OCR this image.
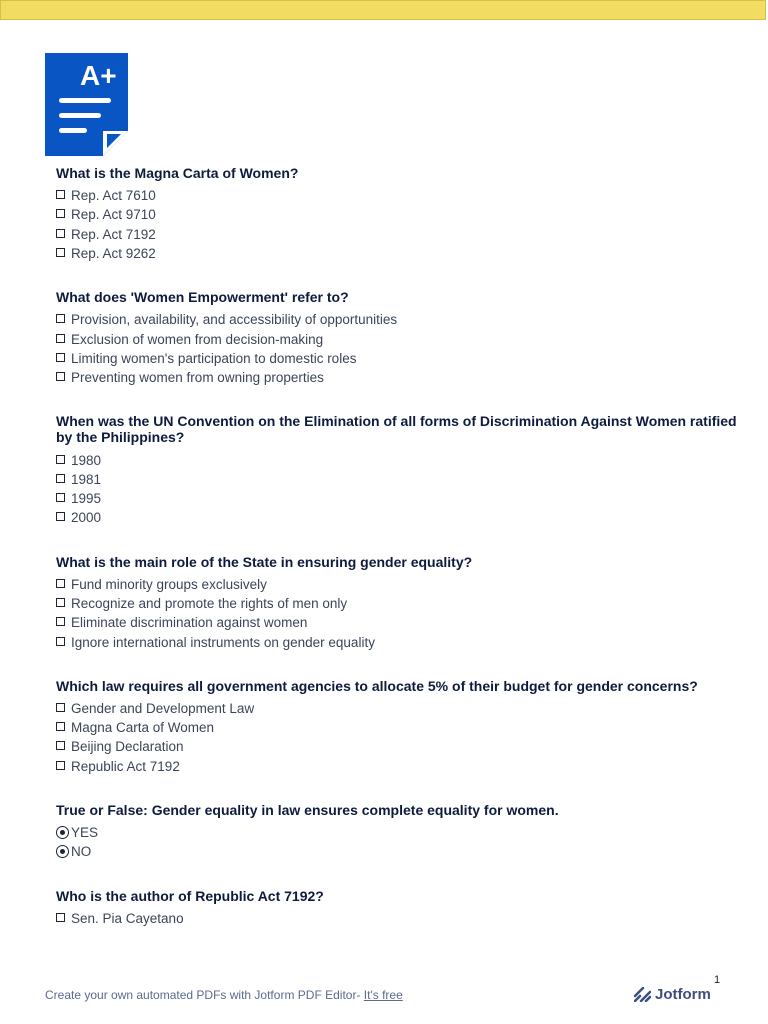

A+
What is the Magna Carta of Women?
Rep. Act 7610
Rep. Act 9710
Rep. Act 7192
Rep. Act 9262
What does 'Women Empowerment' refer to?
Provision, availability, and accessibility of opportunities
Exclusion of women from decision-making
Limiting women's participation to domestic roles
Preventing women from owning properties
When was the UN Convention on the Elimination of all forms of Discrimination Against Women ratified by the Philippines?
1980
1981
1995
2000
What is the main role of the State in ensuring gender equality?
Fund minority groups exclusively
Recognize and promote the rights of men only
Eliminate discrimination against women
Ignore international instruments on gender equality
Which law requires all government agencies to allocate 5% of their budget for gender concerns?
Gender and Development Law
Magna Carta of Women
Beijing Declaration
Republic Act 7192
True or False: Gender equality in law ensures complete equality for women.
YES
NO
Who is the author of Republic Act 7192?
Sen. Pia Cayetano
1
Create your own automated PDFs with Jotform PDF Editor- It's free	Jotform
